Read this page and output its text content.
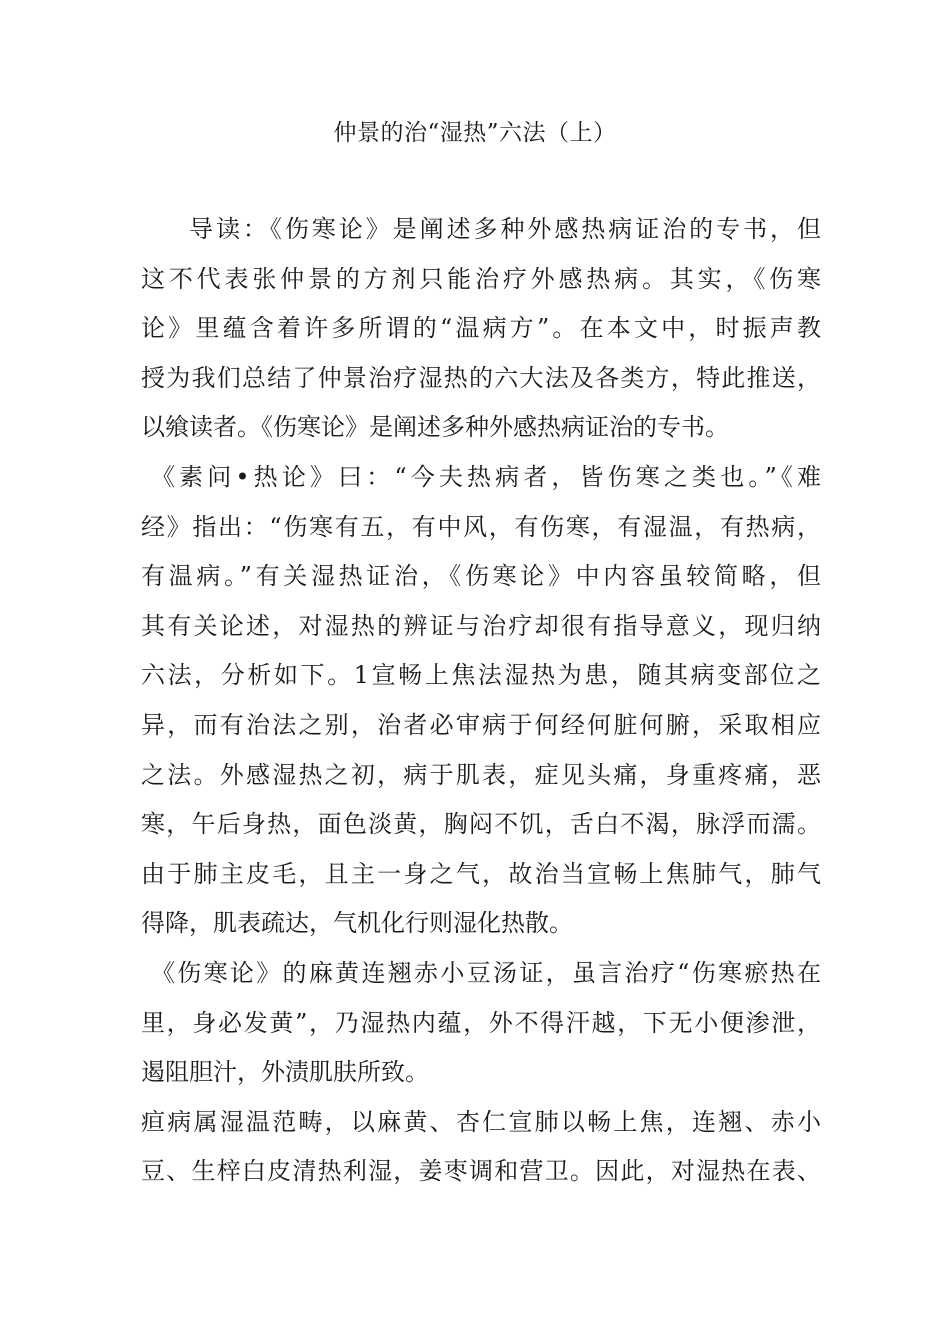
仲景的治“湿热”六法（上）
导读：《伤寒论》是阐述多种外感热病证治的专书，但
这不代表张仲景的方剂只能治疗外感热病。其实，《伤寒
论》里蕴含着许多所谓的“温病方”。在本文中，时振声教
授为我们总结了仲景治疗湿热的六大法及各类方，特此推送，
以飨读者。《伤寒论》是阐述多种外感热病证治的专书。
《素问•热论》曰：“今夫热病者，皆伤寒之类也。”《难
经》指出：“伤寒有五，有中风，有伤寒，有湿温，有热病，
有温病。”有关湿热证治，《伤寒论》中内容虽较简略，但
其有关论述，对湿热的辨证与治疗却很有指导意义，现归纳
六法，分析如下。1宣畅上焦法湿热为患，随其病变部位之
异，而有治法之别，治者必审病于何经何脏何腑，采取相应
之法。外感湿热之初，病于肌表，症见头痛，身重疼痛，恶
寒，午后身热，面色淡黄，胸闷不饥，舌白不渴，脉浮而濡。
由于肺主皮毛，且主一身之气，故治当宣畅上焦肺气，肺气
得降，肌表疏达，气机化行则湿化热散。
《伤寒论》的麻黄连翘赤小豆汤证，虽言治疗“伤寒瘀热在
里，身必发黄”，乃湿热内蕴，外不得汗越，下无小便渗泄，
遏阻胆汁，外渍肌肤所致。
疸病属湿温范畴，以麻黄、杏仁宣肺以畅上焦，连翘、赤小
豆、生梓白皮清热利湿，姜枣调和营卫。因此，对湿热在表、
